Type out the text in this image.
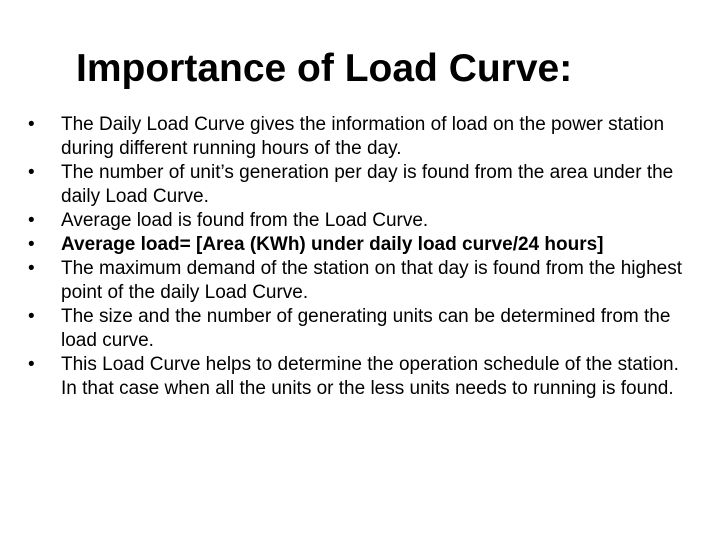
Importance of Load Curve:
• The Daily Load Curve gives the information of load on the power station during different running hours of the day.
• The number of unit’s generation per day is found from the area under the daily Load Curve.
• Average load is found from the Load Curve.
• Average load= [Area (KWh) under daily load curve/24 hours]
• The maximum demand of the station on that day is found from the highest point of the daily Load Curve.
• The size and the number of generating units can be determined from the load curve.
• This Load Curve helps to determine the operation schedule of the station. In that case when all the units or the less units needs to running is found.
